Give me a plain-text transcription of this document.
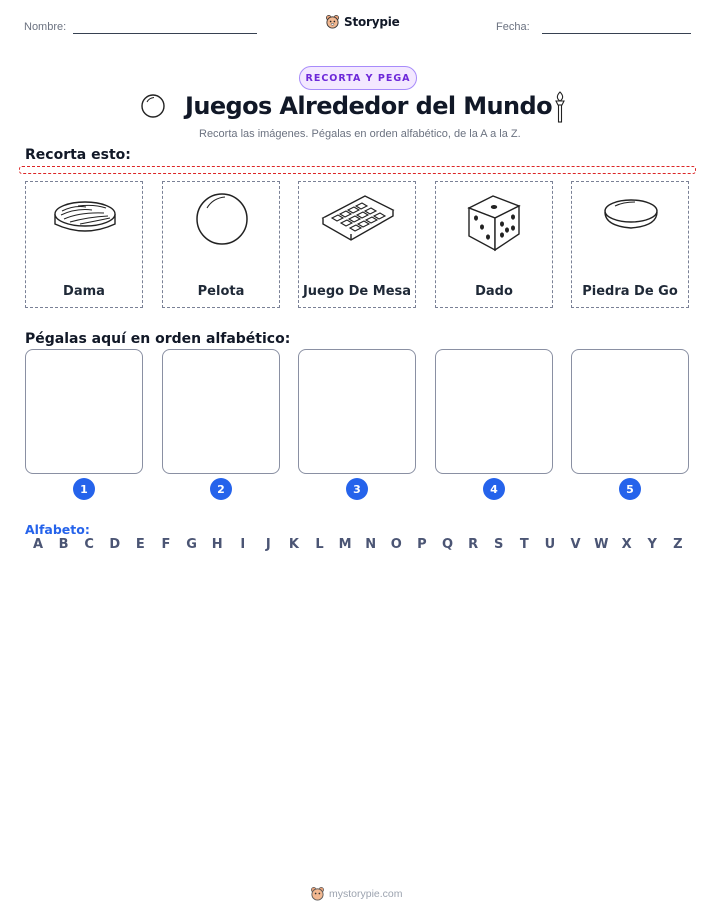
Nombre:	Storypie	Fecha:
RECORTA Y PEGA
Juegos Alrededor del Mundo
Recorta las imágenes. Pégalas en orden alfabético, de la A a la Z.
Recorta esto:
Dama	Pelota	Juego De Mesa	Dado	Piedra De Go
Pégalas aquí en orden alfabético:
1	2	3	4	5
Alfabeto:
A B C D E F G H	I	J	K L M N O P Q R S T U V W X Y Z
mystorypie.com
